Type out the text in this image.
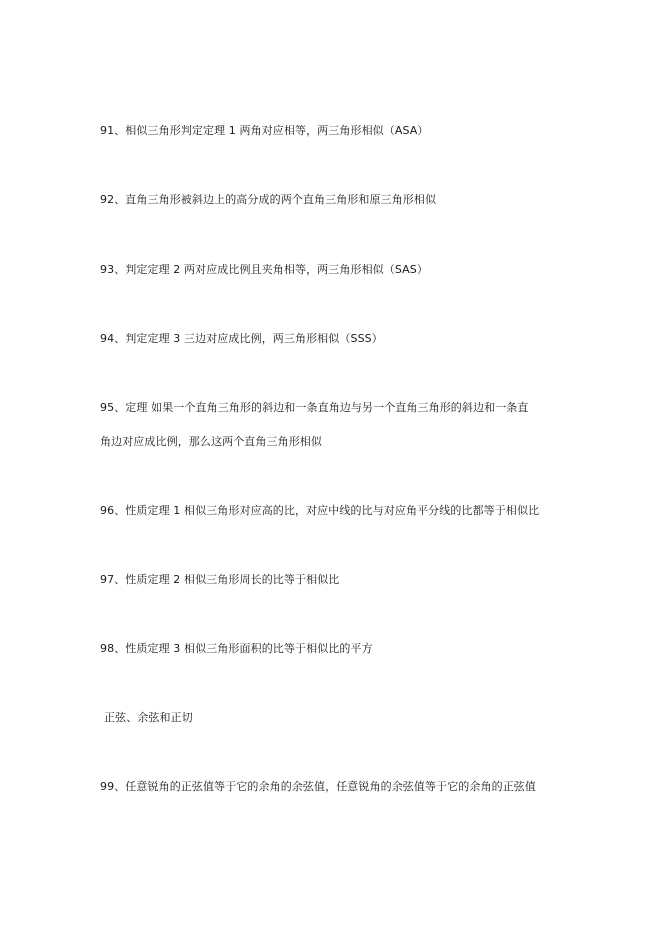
91、相似三角形判定定理 1 两角对应相等，两三角形相似（ASA）
92、直角三角形被斜边上的高分成的两个直角三角形和原三角形相似
93、判定定理 2 两对应成比例且夹角相等，两三角形相似（SAS）
94、判定定理 3 三边对应成比例，两三角形相似（SSS）
95、定理 如果一个直角三角形的斜边和一条直角边与另一个直角三角形的斜边和一条直
角边对应成比例，那么这两个直角三角形相似
96、性质定理 1 相似三角形对应高的比，对应中线的比与对应角平分线的比都等于相似比
97、性质定理 2 相似三角形周长的比等于相似比
98、性质定理 3 相似三角形面积的比等于相似比的平方
正弦、余弦和正切
99、任意锐角的正弦值等于它的余角的余弦值，任意锐角的余弦值等于它的余角的正弦值
